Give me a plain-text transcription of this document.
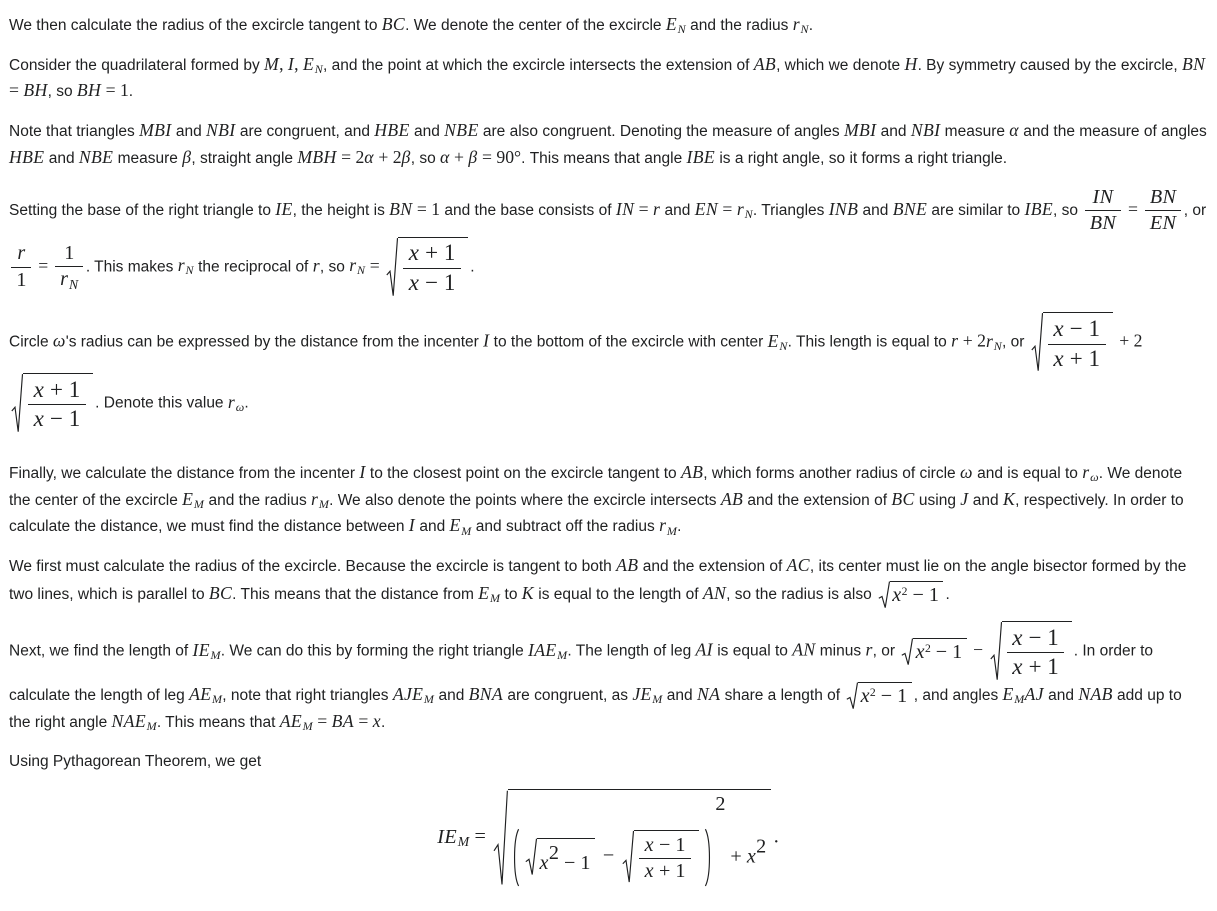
We then calculate the radius of the excircle tangent to BC. We denote the center of the excircle $E_N$ and the radius $r_N$.

Consider the quadrilateral formed by M, I, $E_N$, and the point at which the excircle intersects the extension of AB, which we denote H. By symmetry caused by the excircle, BN = BH, so BH = 1.

Note that triangles MBI and NBI are congruent, and HBE and NBE are also congruent. Denoting the measure of angles MBI and NBI measure α and the measure of angles HBE and NBE measure β, straight angle MBH = 2α + 2β, so α + β = 90°. This means that angle IBE is a right angle, so it forms a right triangle.

Setting the base of the right triangle to IE, the height is BN = 1 and the base consists of IN = r and EN = $r_N$. Triangles INB and BNE are similar to IBE, so $\frac{IN}{BN} = \frac{BN}{EN}$ , or
$\frac{r}{1} = \frac{1}{r_N}$ . This makes $r_N$ the reciprocal of r, so $r_N = \frac{x + 1}{x - 1}$ .

Circle ω's radius can be expressed by the distance from the incenter I to the bottom of the excircle with center $E_N$. This length is equal to $r + 2r_N$, or $\frac{x - 1}{x + 1} + 2$
$\frac{x + 1}{x - 1}$ . Denote this value $r_\omega$.

Finally, we calculate the distance from the incenter I to the closest point on the excircle tangent to AB, which forms another radius of circle ω and is equal to $r_\omega$. We denote the center of the excircle $E_M$ and the radius $r_M$. We also denote the points where the excircle intersects AB and the extension of BC using J and K, respectively. In order to calculate the distance, we must find the distance between I and $E_M$ and subtract off the radius $r_M$.

We first must calculate the radius of the excircle. Because the excircle is tangent to both AB and the extension of AC, its center must lie on the angle bisector formed by the two lines, which is parallel to BC. This means that the distance from $E_M$ to K is equal to the length of AN, so the radius is also
$x^2 - 1$ .

Next, we find the length of $IE_M$. We can do this by forming the right triangle $IAE_M$. The length of leg AI is equal to AN minus r, or
$x^2 - 1 - \frac{x - 1}{x + 1}$ . In order to calculate the length of leg $AE_M$, note that right triangles $AJE_M$ and BNA are congruent, as $JE_M$ and NA share a length of
$x^2 - 1$ , and angles $E_MAJ$ and NAB add up to the right angle $NAE_M$. This means that $AE_M$ = BA = x.

Using Pythagorean Theorem, we get

$IE_M$ =
$x2 - 1 - \frac{x - 1}{x + 1}$
2 + x2 .
